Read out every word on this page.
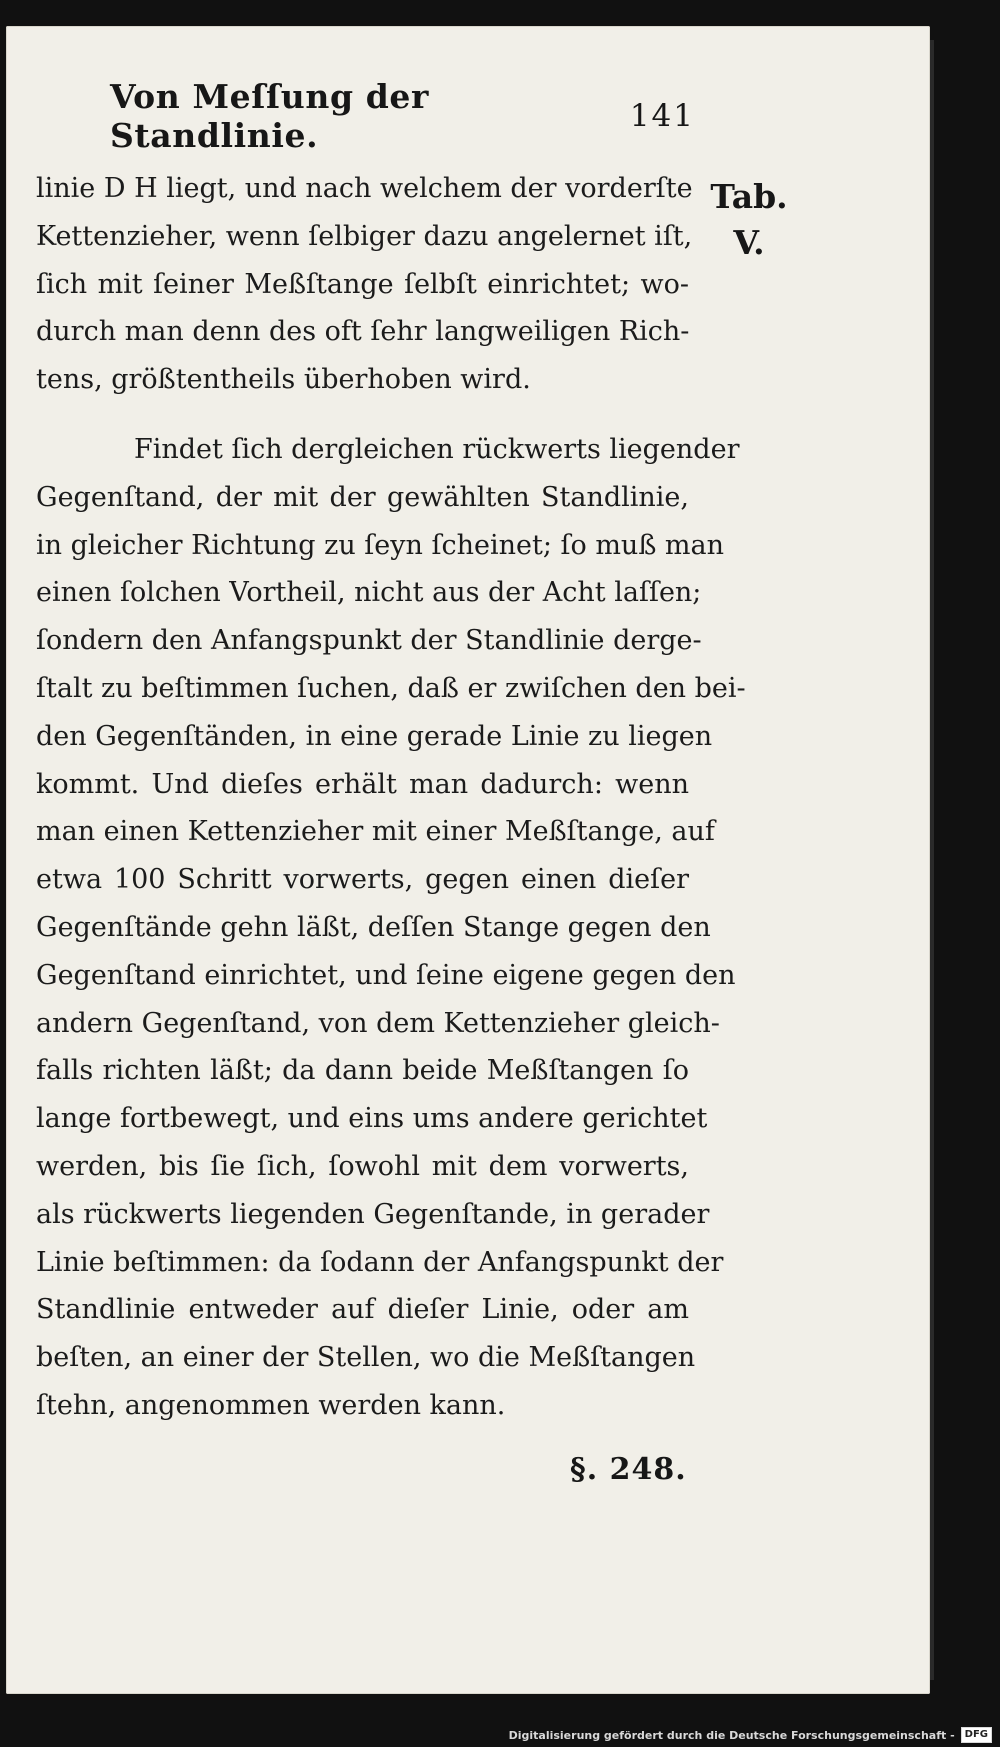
Von Meſſung der Standlinie.	141
Tab.
V.
linie D H liegt, und nach welchem der vorderſte
Kettenzieher, wenn ſelbiger dazu angelernet iſt,
ſich mit ſeiner Meßſtange ſelbſt einrichtet; wo-
durch man denn des oft ſehr langweiligen Rich-
tens, größtentheils überhoben wird.
Findet ſich dergleichen rückwerts liegender
Gegenſtand, der mit der gewählten Standlinie,
in gleicher Richtung zu ſeyn ſcheinet; ſo muß man
einen ſolchen Vortheil, nicht aus der Acht laſſen;
ſondern den Anfangspunkt der Standlinie derge-
ſtalt zu beſtimmen ſuchen, daß er zwiſchen den bei-
den Gegenſtänden, in eine gerade Linie zu liegen
kommt. Und dieſes erhält man dadurch: wenn
man einen Kettenzieher mit einer Meßſtange, auf
etwa 100 Schritt vorwerts, gegen einen dieſer
Gegenſtände gehn läßt, deſſen Stange gegen den
Gegenſtand einrichtet, und ſeine eigene gegen den
andern Gegenſtand, von dem Kettenzieher gleich-
falls richten läßt; da dann beide Meßſtangen ſo
lange fortbewegt, und eins ums andere gerichtet
werden, bis ſie ſich, ſowohl mit dem vorwerts,
als rückwerts liegenden Gegenſtande, in gerader
Linie beſtimmen: da ſodann der Anfangspunkt der
Standlinie entweder auf dieſer Linie, oder am
beſten, an einer der Stellen, wo die Meßſtangen
ſtehn, angenommen werden kann.
§. 248.
Digitalisierung gefördert durch die Deutsche Forschungsgemeinschaft -	DFG
